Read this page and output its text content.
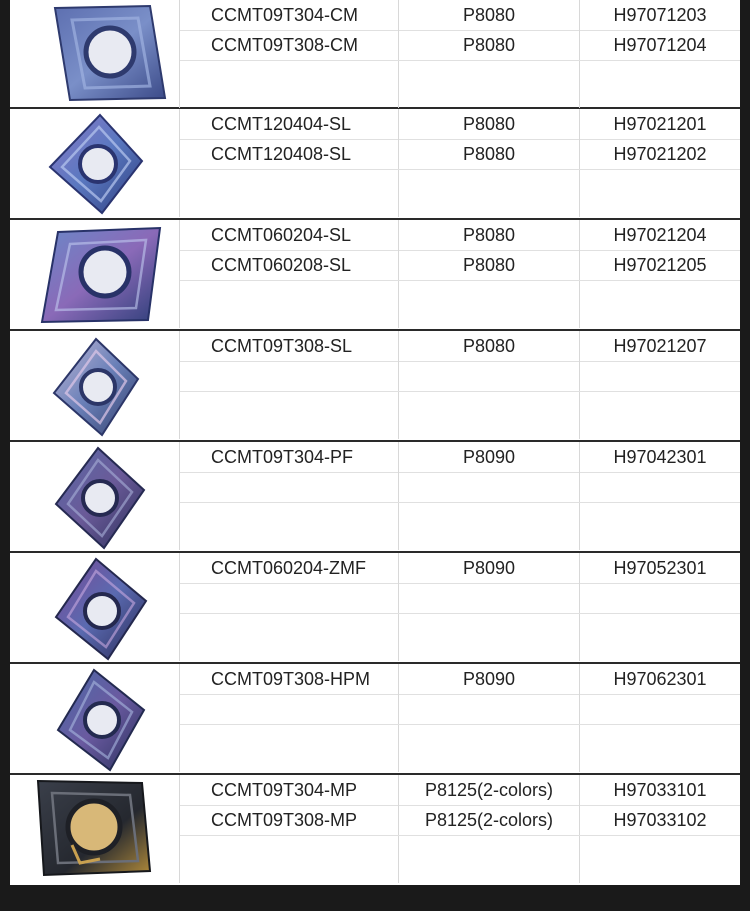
CCMT09T304-CM	P8080	H97071203
CCMT09T308-CM	P8080	H97071204
CCMT120404-SL	P8080	H97021201
CCMT120408-SL	P8080	H97021202
CCMT060204-SL	P8080	H97021204
CCMT060208-SL	P8080	H97021205
CCMT09T308-SL	P8080	H97021207
CCMT09T304-PF	P8090	H97042301
CCMT060204-ZMF	P8090	H97052301
CCMT09T308-HPM	P8090	H97062301
CCMT09T304-MP	P8125(2-colors)	H97033101
CCMT09T308-MP	P8125(2-colors)	H97033102
